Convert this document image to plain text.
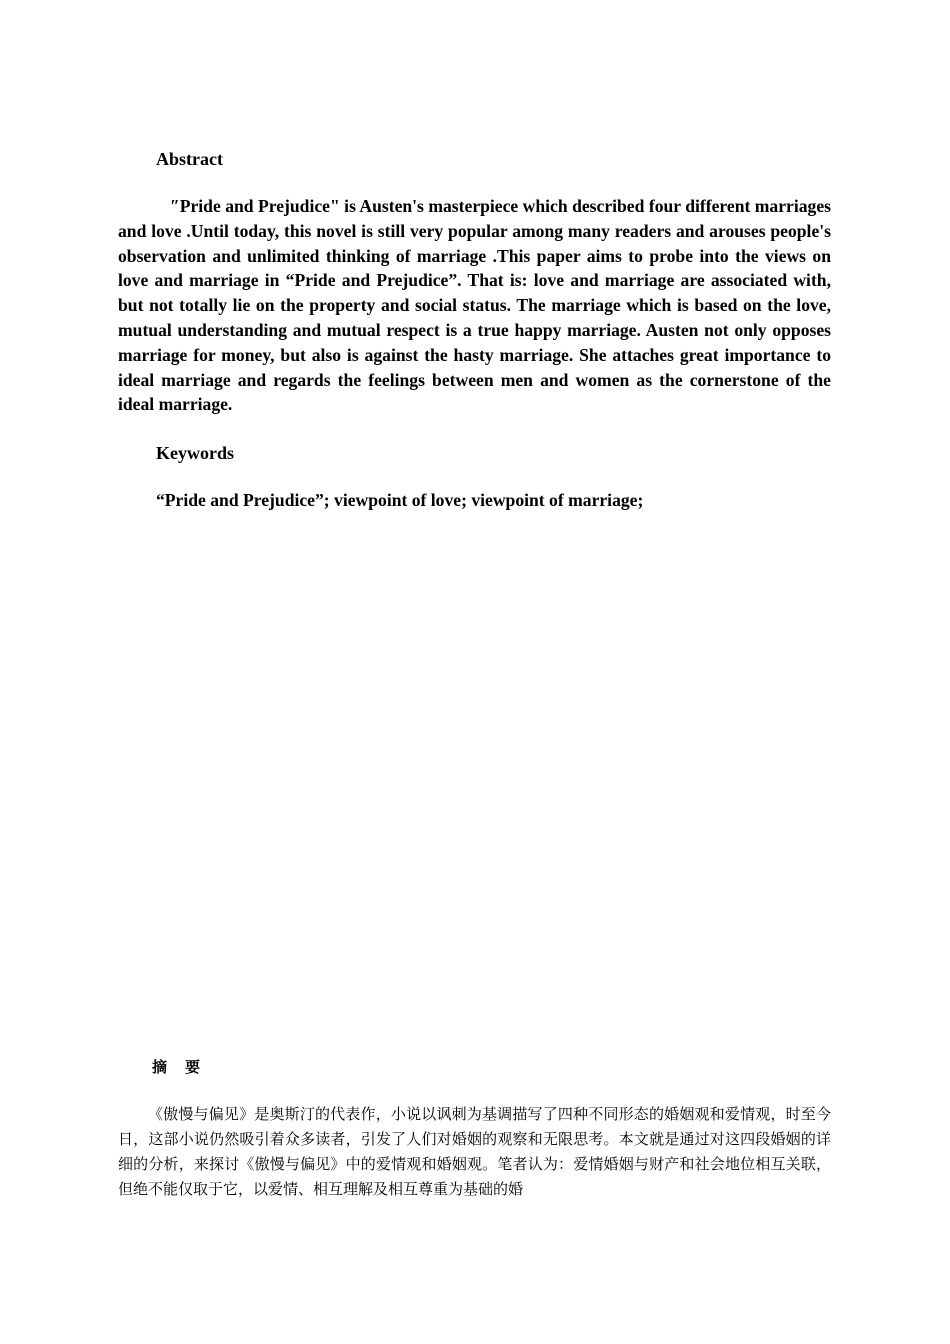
Abstract

″Pride and Prejudice" is Austen's masterpiece which described four different marriages and love .Until today, this novel is still very popular among many readers and arouses people's observation and unlimited thinking of marriage .This paper aims to probe into the views on love and marriage in “Pride and Prejudice”. That is: love and marriage are associated with, but not totally lie on the property and social status. The marriage which is based on the love, mutual understanding and mutual respect is a true happy marriage. Austen not only opposes marriage for money, but also is against the hasty marriage. She attaches great importance to ideal marriage and regards the feelings between men and women as the cornerstone of the ideal marriage.

Keywords

“Pride and Prejudice”; viewpoint of love; viewpoint of marriage;

摘要

《傲慢与偏见》是奥斯汀的代表作，小说以讽刺为基调描写了四种不同形态的婚姻观和爱情观，时至今日，这部小说仍然吸引着众多读者，引发了人们对婚姻的观察和无限思考。本文就是通过对这四段婚姻的详细的分析，来探讨《傲慢与偏见》中的爱情观和婚姻观。笔者认为：爱情婚姻与财产和社会地位相互关联，但绝不能仅取于它，以爱情、相互理解及相互尊重为基础的婚
